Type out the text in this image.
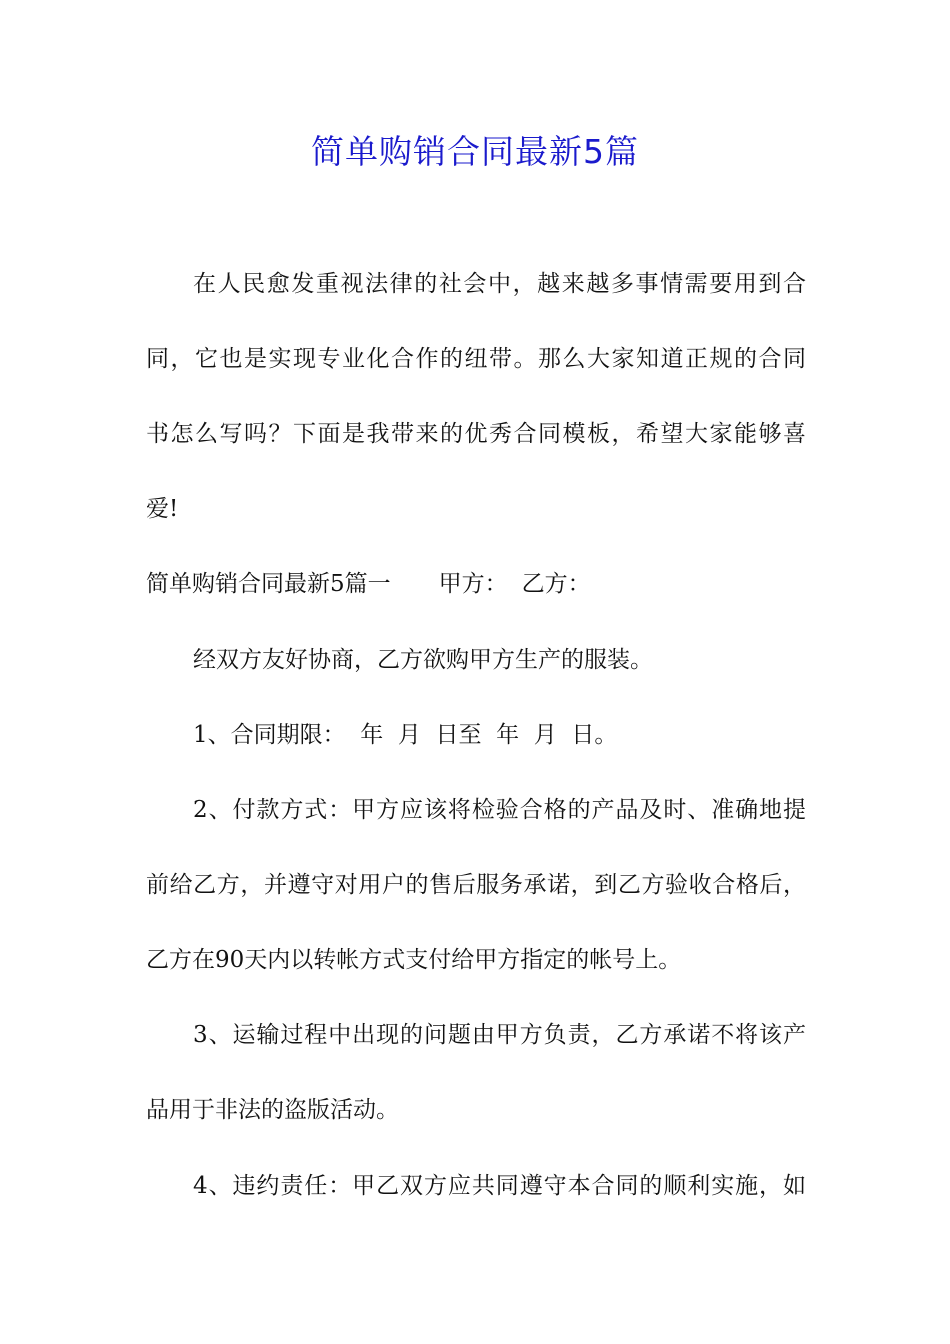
简单购销合同最新5篇
在人民愈发重视法律的社会中，越来越多事情需要用到合
同，它也是实现专业化合作的纽带。那么大家知道正规的合同
书怎么写吗？下面是我带来的优秀合同模板，希望大家能够喜
爱!
简单购销合同最新5篇一 甲方： 乙方：
经双方友好协商，乙方欲购甲方生产的服装。
1、合同期限：  年  月  日至  年  月  日。
2、付款方式：甲方应该将检验合格的产品及时、准确地提
前给乙方，并遵守对用户的售后服务承诺，到乙方验收合格后，
乙方在90天内以转帐方式支付给甲方指定的帐号上。
3、运输过程中出现的问题由甲方负责，乙方承诺不将该产
品用于非法的盗版活动。
4、违约责任：甲乙双方应共同遵守本合同的顺利实施，如
